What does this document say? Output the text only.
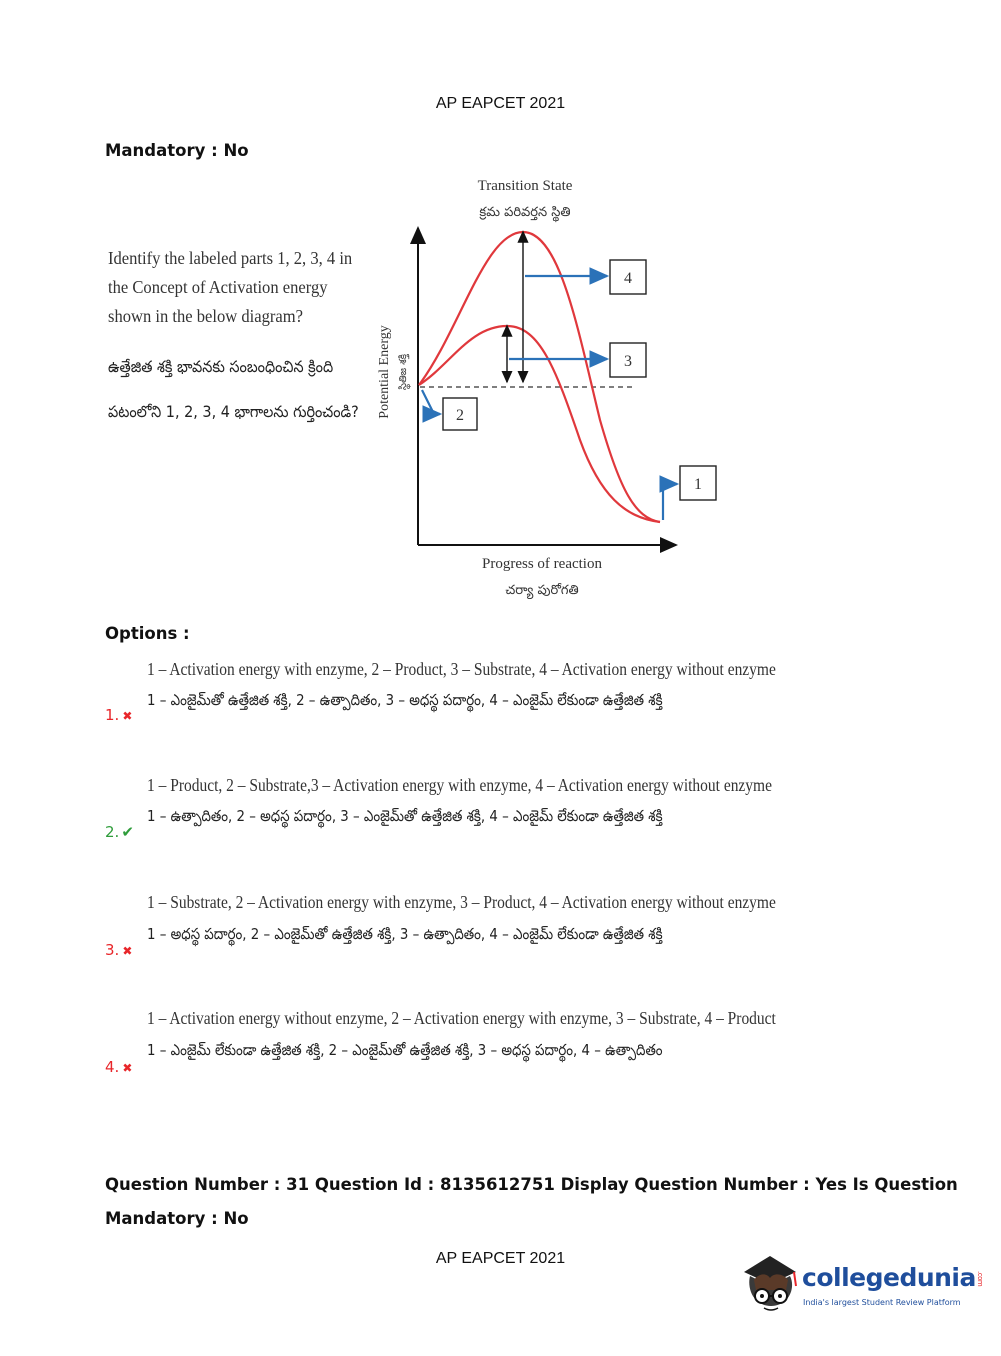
AP EAPCET 2021
Mandatory : No
Identify the labeled parts 1, 2, 3, 4 in
the Concept of Activation energy
shown in the below diagram?
ఉత్తేజిత శక్తి భావనకు సంబంధించిన క్రింది
పటంలోని 1, 2, 3, 4 భాగాలను గుర్తించండి?
4
3
2
1
Transition State
క్రమ పరివర్తన స్థితి
Potential Energy స్థితిజ శక్తి
Progress of reaction
చర్యా పురోగతి
Options :
1 – Activation energy with enzyme, 2 – Product, 3 – Substrate, 4 – Activation energy without enzyme
1 – ఎంజైమ్‌తో ఉత్తేజిత శక్తి, 2 – ఉత్పాదితం, 3 – అధస్థ పదార్థం, 4 – ఎంజైమ్ లేకుండా ఉత్తేజిత శక్తి
1. ✖
1 – Product, 2 – Substrate,3 – Activation energy with enzyme, 4 – Activation energy without enzyme
1 – ఉత్పాదితం, 2 – అధస్థ పదార్థం, 3 – ఎంజైమ్‌తో ఉత్తేజిత శక్తి, 4 – ఎంజైమ్ లేకుండా ఉత్తేజిత శక్తి
2. ✔
1 – Substrate, 2 – Activation energy with enzyme, 3 – Product, 4 – Activation energy without enzyme
1 – అధస్థ పదార్థం, 2 – ఎంజైమ్‌తో ఉత్తేజిత శక్తి, 3 – ఉత్పాదితం, 4 – ఎంజైమ్ లేకుండా ఉత్తేజిత శక్తి
3. ✖
1 – Activation energy without enzyme, 2 – Activation energy with enzyme, 3 – Substrate, 4 – Product
1 – ఎంజైమ్ లేకుండా ఉత్తేజిత శక్తి, 2 – ఎంజైమ్‌తో ఉత్తేజిత శక్తి, 3 – అధస్థ పదార్థం, 4 – ఉత్పాదితం
4. ✖
Question Number : 31 Question Id : 8135612751 Display Question Number : Yes Is Question
Mandatory : No
AP EAPCET 2021
collegedunia.com
India's largest Student Review Platform
